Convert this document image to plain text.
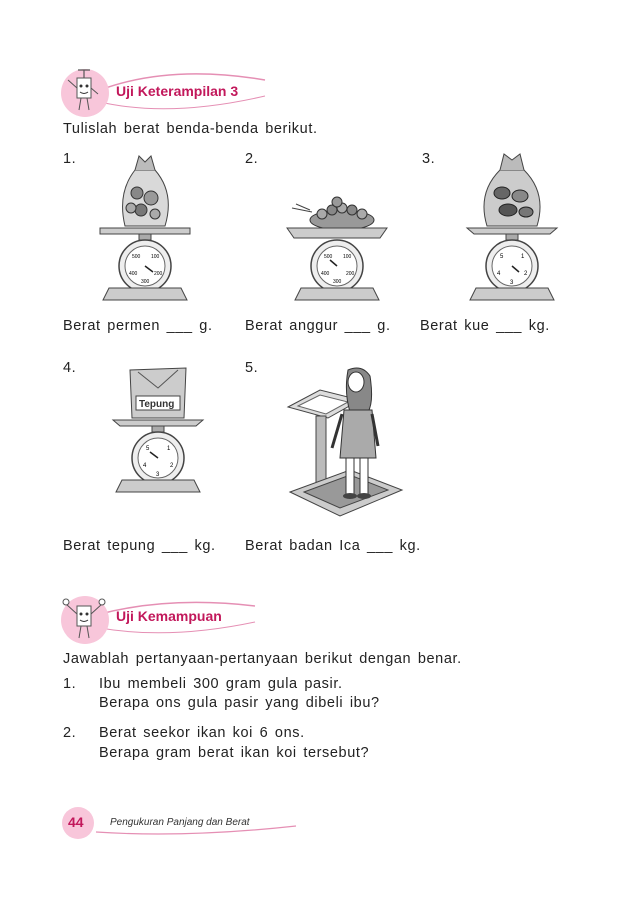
Uji Keterampilan 3
Tulislah berat benda-benda berikut.
1.	2.	3.
4.	5.
500 100
400	200
300
500 100
400	200
300
5	1
4	2
3
Berat permen ___ g. Berat anggur ___ g. Berat kue ___ kg.
Tepung
5	1
4	2
3
Berat tepung ___ kg. Berat badan Ica ___ kg.
Uji Kemampuan
Jawablah pertanyaan-pertanyaan berikut dengan benar.
1. Ibu membeli 300 gram gula pasir.
Berapa ons gula pasir yang dibeli ibu?
2. Berat seekor ikan koi 6 ons.
Berapa gram berat ikan koi tersebut?
44	Pengukuran Panjang dan Berat
